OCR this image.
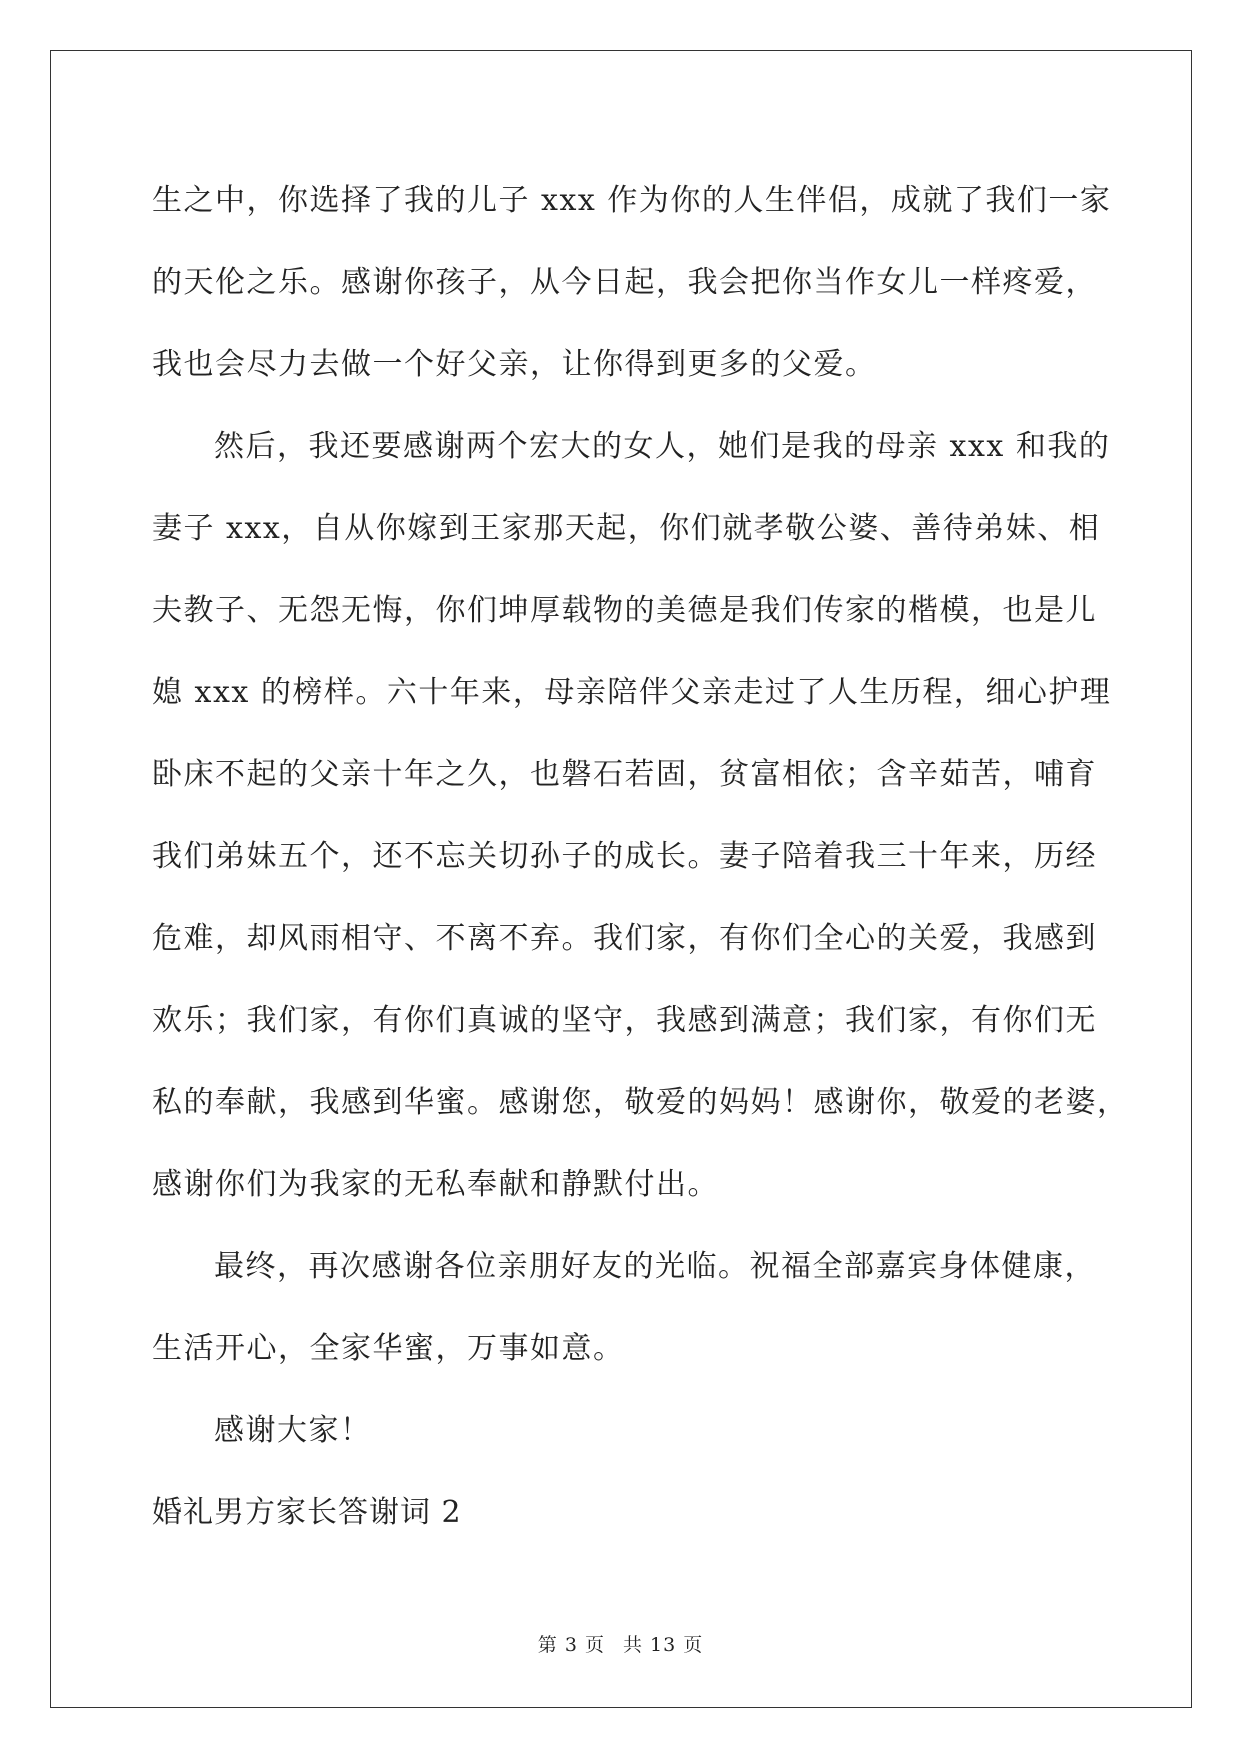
生之中，你选择了我的儿子 xxx 作为你的人生伴侣，成就了我们一家
的天伦之乐。感谢你孩子，从今日起，我会把你当作女儿一样疼爱，
我也会尽力去做一个好父亲，让你得到更多的父爱。
然后，我还要感谢两个宏大的女人，她们是我的母亲 xxx 和我的
妻子 xxx，自从你嫁到王家那天起，你们就孝敬公婆、善待弟妹、相
夫教子、无怨无悔，你们坤厚载物的美德是我们传家的楷模，也是儿
媳 xxx 的榜样。六十年来，母亲陪伴父亲走过了人生历程，细心护理
卧床不起的父亲十年之久，也磐石若固，贫富相依；含辛茹苦，哺育
我们弟妹五个，还不忘关切孙子的成长。妻子陪着我三十年来，历经
危难，却风雨相守、不离不弃。我们家，有你们全心的关爱，我感到
欢乐；我们家，有你们真诚的坚守，我感到满意；我们家，有你们无
私的奉献，我感到华蜜。感谢您，敬爱的妈妈！感谢你，敬爱的老婆，
感谢你们为我家的无私奉献和静默付出。
最终，再次感谢各位亲朋好友的光临。祝福全部嘉宾身体健康，
生活开心，全家华蜜，万事如意。
感谢大家！
婚礼男方家长答谢词 2
第 3 页 共 13 页
